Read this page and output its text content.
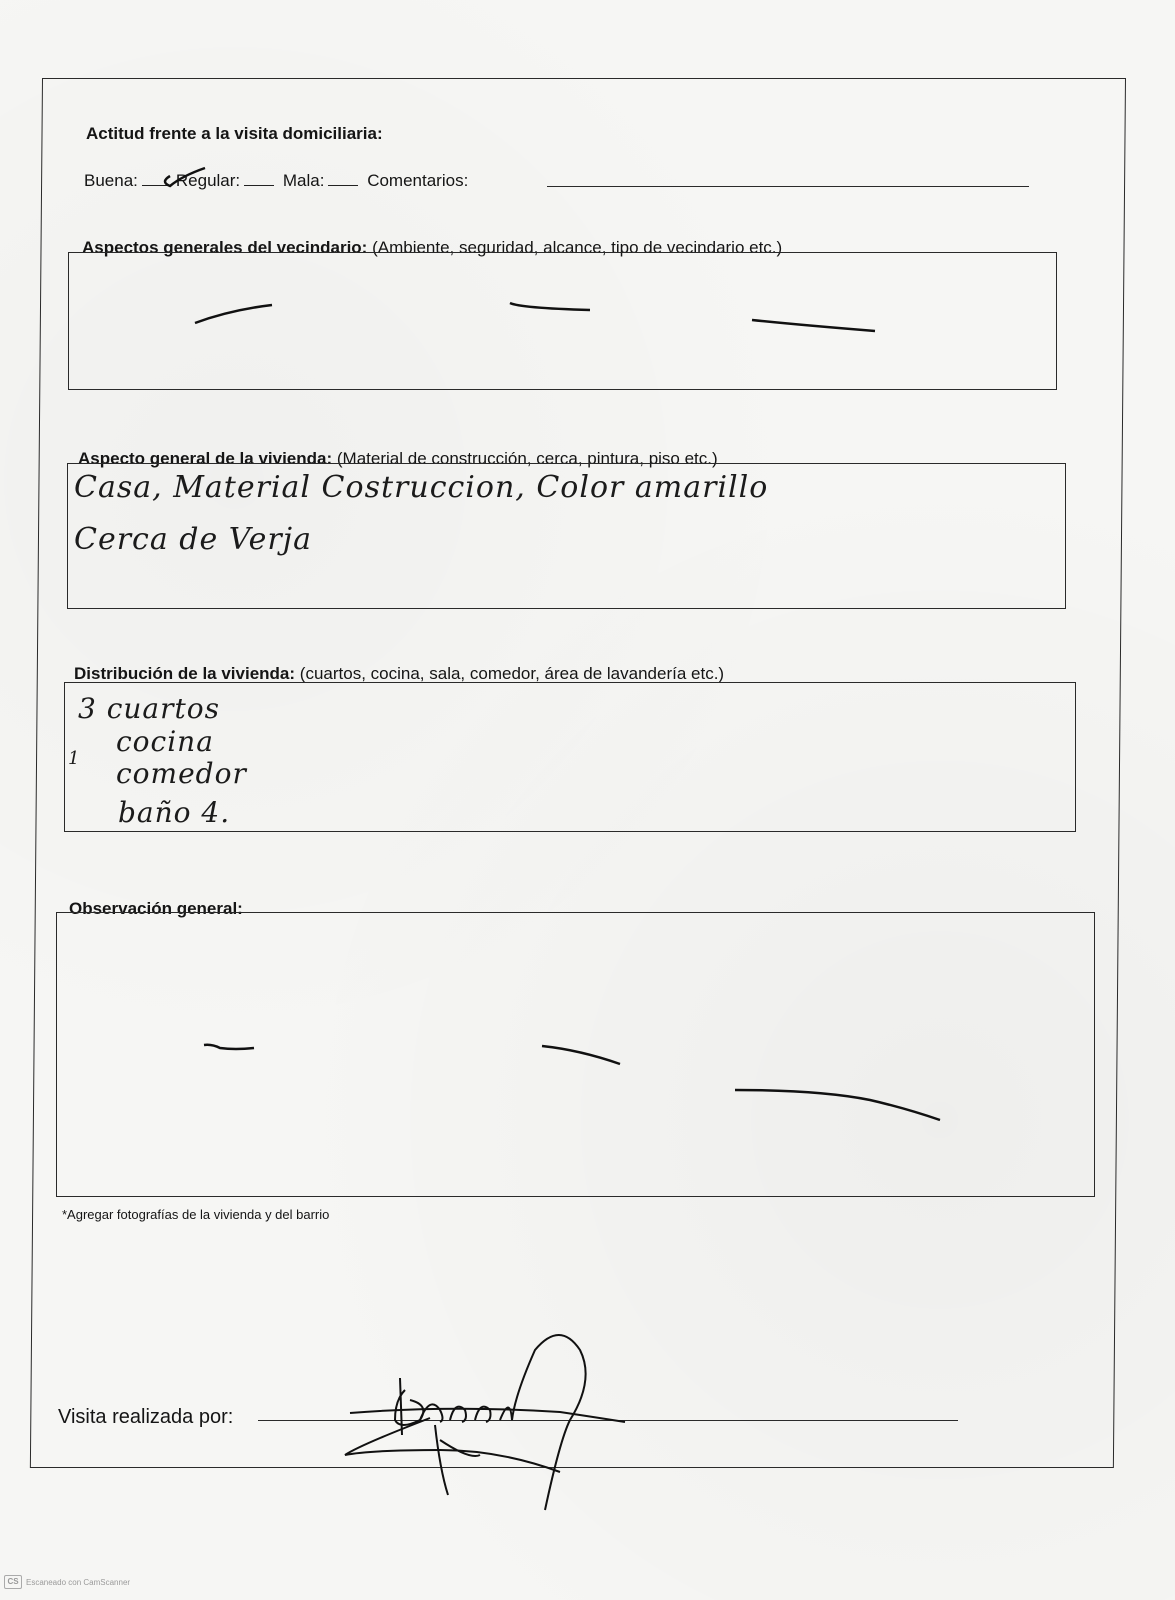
Actitud frente a la visita domiciliaria:
Buena: Regular:	Mala:	Comentarios:
Aspectos generales del vecindario: (Ambiente, seguridad, alcance, tipo de vecindario etc.)
Aspecto general de la vivienda: (Material de construcción, cerca, pintura, piso etc.)
Casa, Material Costruccion, Color amarillo
Cerca de Verja
Distribución de la vivienda: (cuartos, cocina, sala, comedor, área de lavandería etc.)
3 cuartos
cocina
1 comedor
baño 4.
Observación general:
*Agregar fotografías de la vivienda y del barrio
Visita realizada por:
CS Escaneado con CamScanner
